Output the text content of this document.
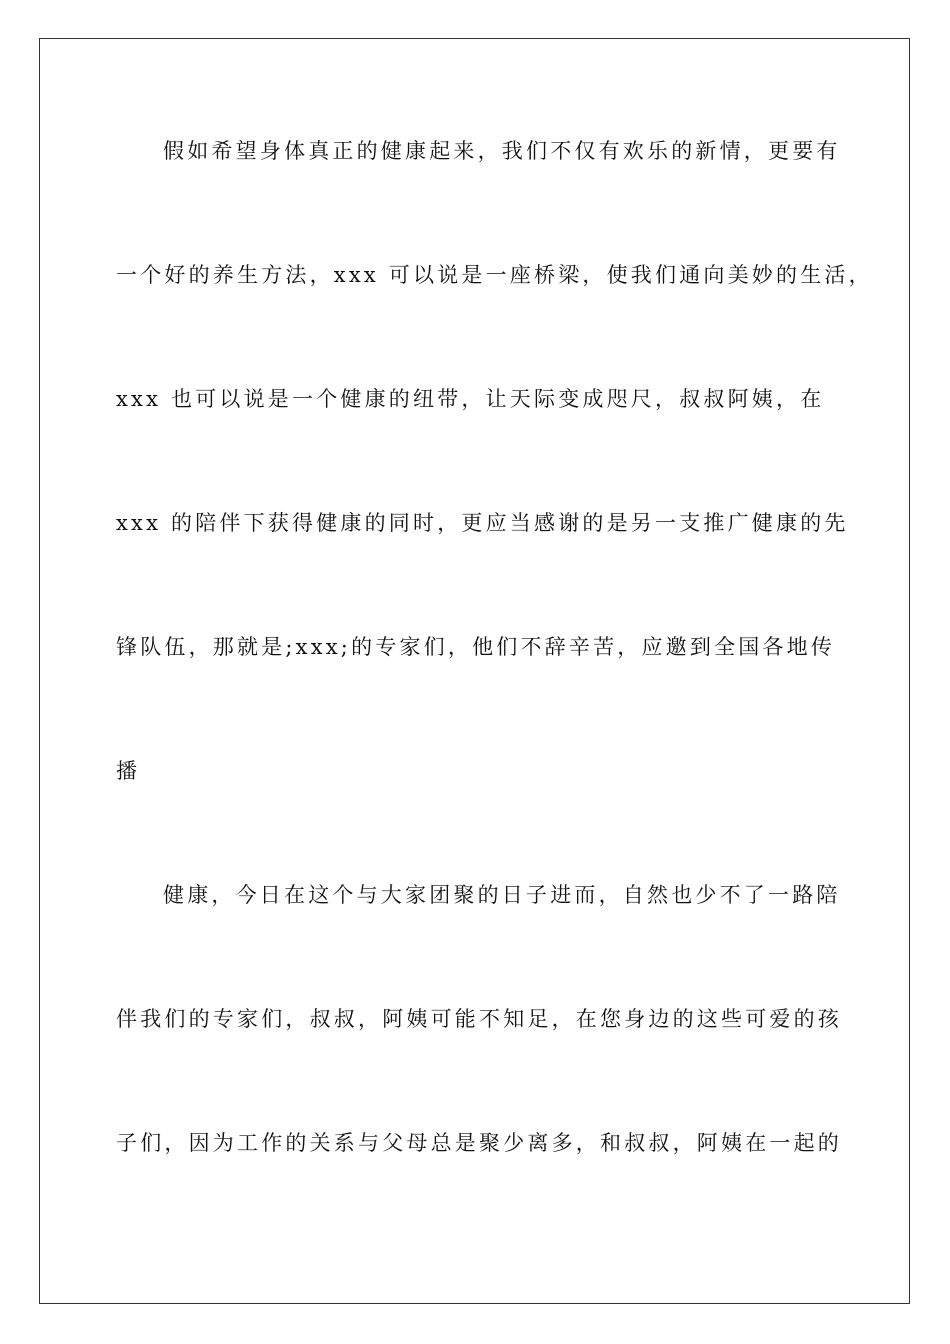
假如希望身体真正的健康起来，我们不仅有欢乐的新情，更要有
一个好的养生方法，xxx 可以说是一座桥梁，使我们通向美妙的生活，
xxx 也可以说是一个健康的纽带，让天际变成咫尺，叔叔阿姨，在
xxx 的陪伴下获得健康的同时，更应当感谢的是另一支推广健康的先
锋队伍，那就是;xxx;的专家们，他们不辞辛苦，应邀到全国各地传
播
健康，今日在这个与大家团聚的日子进而，自然也少不了一路陪
伴我们的专家们，叔叔，阿姨可能不知足，在您身边的这些可爱的孩
子们，因为工作的关系与父母总是聚少离多，和叔叔，阿姨在一起的
